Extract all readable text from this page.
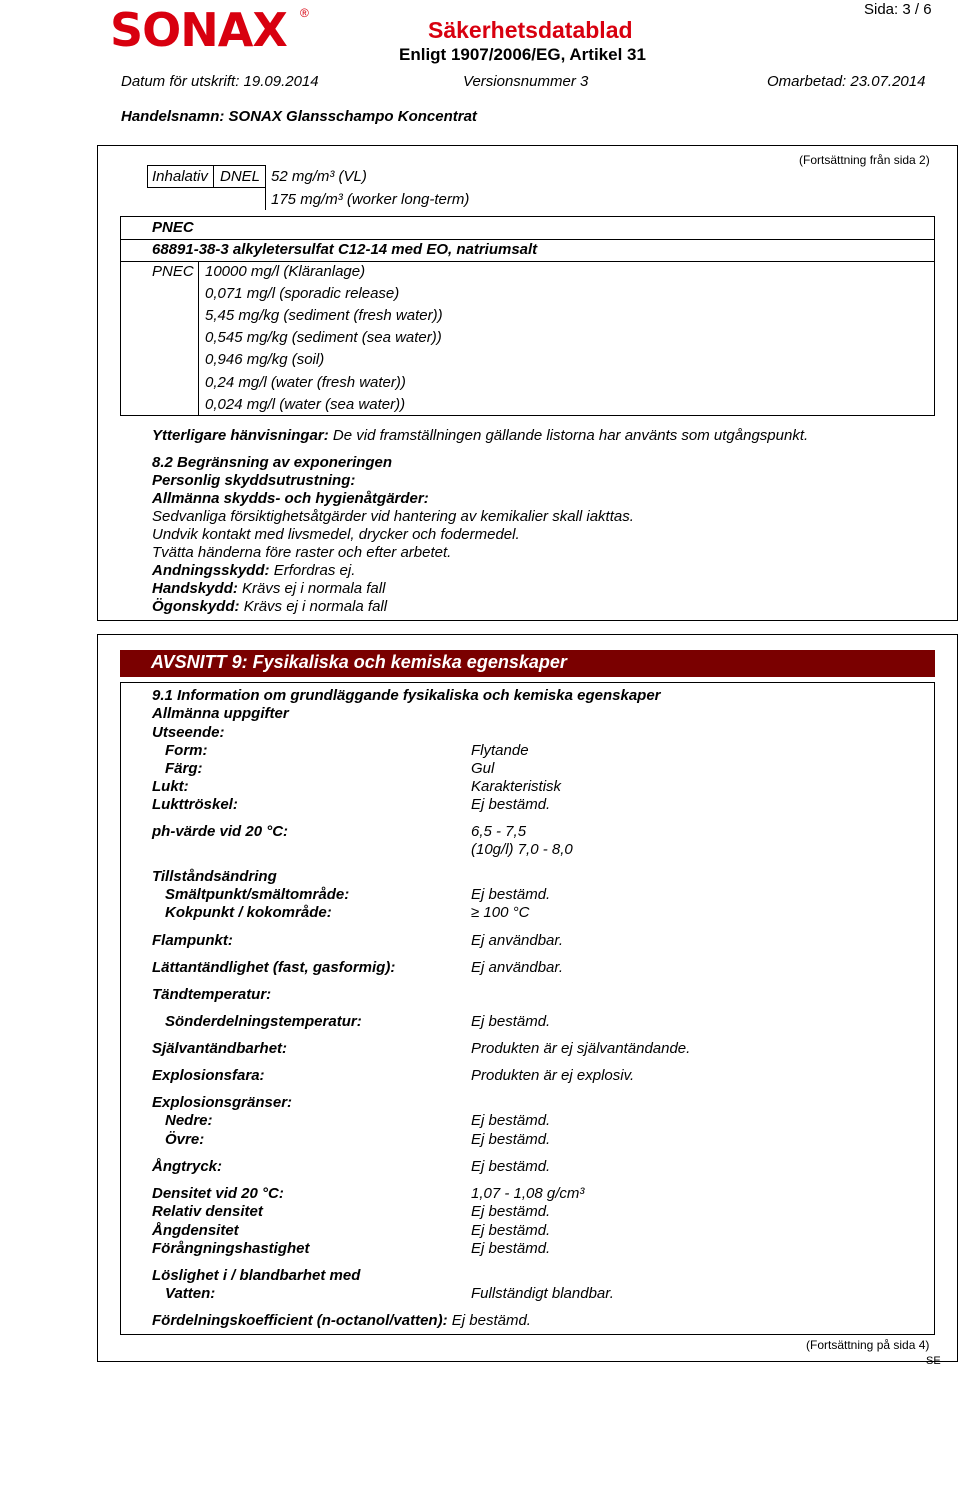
SONAX ®
Säkerhetsdatablad
Enligt 1907/2006/EG, Artikel 31
Sida: 3 / 6
Datum för utskrift: 19.09.2014	Versionsnummer 3	Omarbetad: 23.07.2014
Handelsnamn: SONAX Glansschampo Koncentrat
(Fortsättning från sida 2)
Inhalativ DNEL 52 mg/m³ (VL)
175 mg/m³ (worker long-term)
PNEC
68891-38-3 alkyletersulfat C12-14 med EO, natriumsalt
PNEC 10000 mg/l (Kläranlage)
0,071 mg/l (sporadic release)
5,45 mg/kg (sediment (fresh water))
0,545 mg/kg (sediment (sea water))
0,946 mg/kg (soil)
0,24 mg/l (water (fresh water))
0,024 mg/l (water (sea water))
Ytterligare hänvisningar: De vid framställningen gällande listorna har använts som utgångspunkt.
8.2 Begränsning av exponeringen
Personlig skyddsutrustning:
Allmänna skydds- och hygienåtgärder:
Sedvanliga försiktighetsåtgärder vid hantering av kemikalier skall iakttas.
Undvik kontakt med livsmedel, drycker och fodermedel.
Tvätta händerna före raster och efter arbetet.
Andningsskydd: Erfordras ej.
Handskydd: Krävs ej i normala fall
Ögonskydd: Krävs ej i normala fall
AVSNITT 9: Fysikaliska och kemiska egenskaper
9.1 Information om grundläggande fysikaliska och kemiska egenskaper
Allmänna uppgifter
Utseende:
Form:	Flytande
Färg:	Gul
Lukt:	Karakteristisk
Lukttröskel:	Ej bestämd.
ph-värde vid 20 °C:	6,5 - 7,5
(10g/l) 7,0 - 8,0
Tillståndsändring
Smältpunkt/smältområde:	Ej bestämd.
Kokpunkt / kokområde:	≥ 100 °C
Flampunkt:	Ej användbar.
Lättantändlighet (fast, gasformig):	Ej användbar.
Tändtemperatur:
Sönderdelningstemperatur:	Ej bestämd.
Självantändbarhet:	Produkten är ej självantändande.
Explosionsfara:	Produkten är ej explosiv.
Explosionsgränser:
Nedre:	Ej bestämd.
Övre:	Ej bestämd.
Ångtryck:	Ej bestämd.
Densitet vid 20 °C:	1,07 - 1,08 g/cm³
Relativ densitet	Ej bestämd.
Ångdensitet	Ej bestämd.
Förångningshastighet	Ej bestämd.
Löslighet i / blandbarhet med
Vatten:	Fullständigt blandbar.
Fördelningskoefficient (n-octanol/vatten): Ej bestämd.
(Fortsättning på sida 4)
SE
